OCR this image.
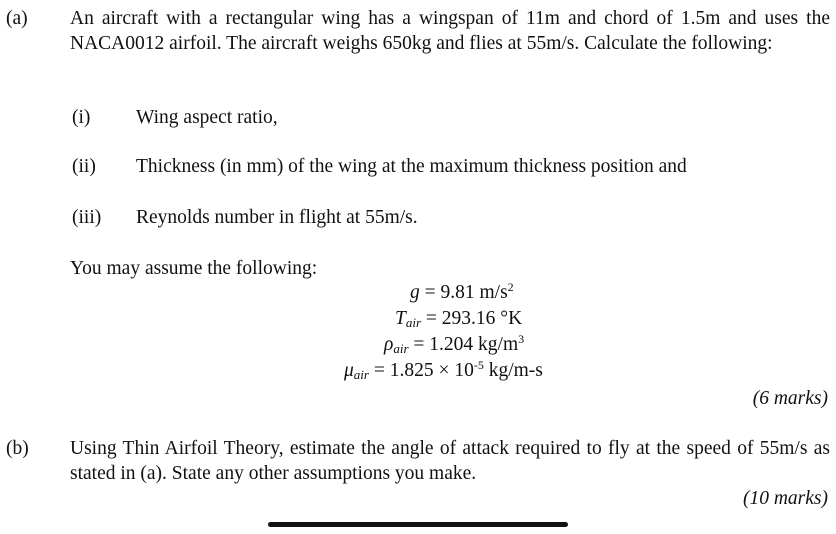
(a) An aircraft with a rectangular wing has a wingspan of 11m and chord of 1.5m and uses the NACA0012 airfoil. The aircraft weighs 650kg and flies at 55m/s. Calculate the following:
(i) Wing aspect ratio,
(ii) Thickness (in mm) of the wing at the maximum thickness position and
(iii) Reynolds number in flight at 55m/s.
You may assume the following:
g = 9.81 $m/s^2$
Tair = 293.16 °K
ρair = 1.204 $kg/m^3$
$\mu air = 1.825 \times 10^{-5}$ kg/m-s
(6 marks)
(b) Using Thin Airfoil Theory, estimate the angle of attack required to fly at the speed of 55m/s as stated in (a). State any other assumptions you make.
(10 marks)
